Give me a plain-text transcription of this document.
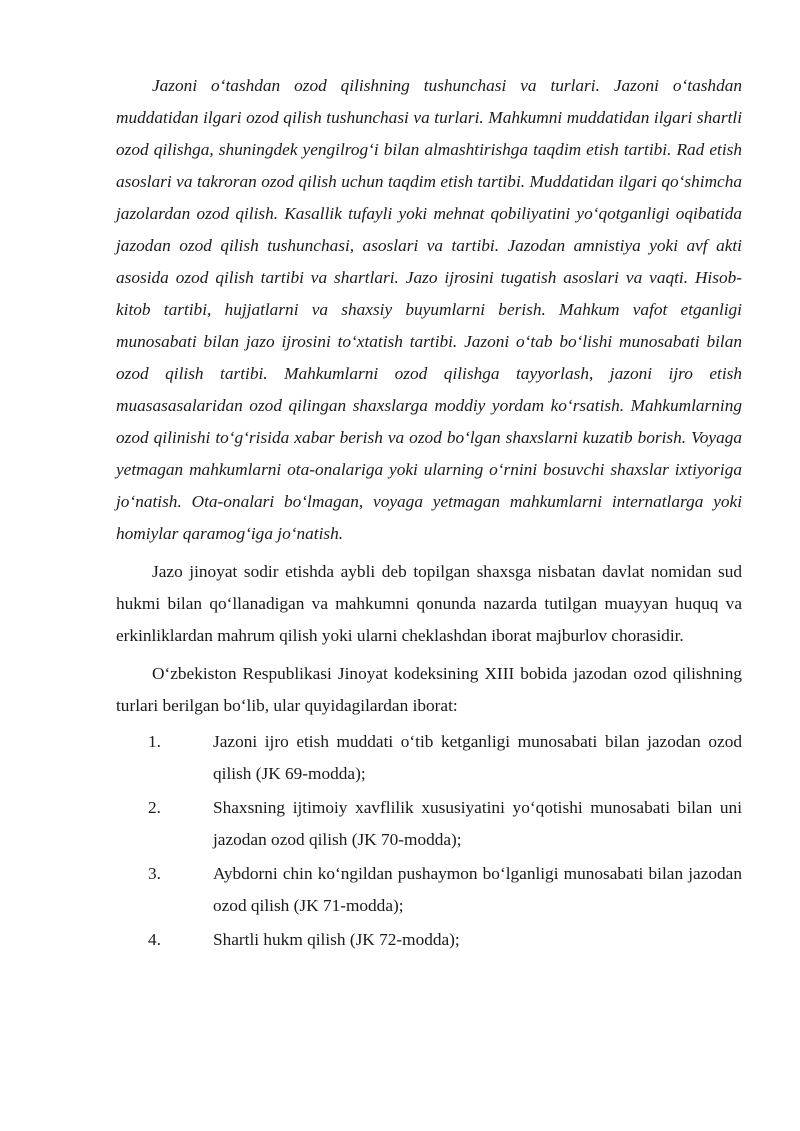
Jazoni o‘tashdan ozod qilishning tushunchasi va turlari. Jazoni o‘tashdan muddatidan ilgari ozod qilish tushunchasi va turlari. Mahkumni muddatidan ilgari shartli ozod qilishga, shuningdek yengilrog‘i bilan almashtirishga taqdim etish tartibi. Rad etish asoslari va takroran ozod qilish uchun taqdim etish tartibi. Muddatidan ilgari qo‘shimcha jazolardan ozod qilish. Kasallik tufayli yoki mehnat qobiliyatini yo‘qotganligi oqibatida jazodan ozod qilish tushunchasi, asoslari va tartibi. Jazodan amnistiya yoki avf akti asosida ozod qilish tartibi va shartlari. Jazo ijrosini tugatish asoslari va vaqti. Hisob-kitob tartibi, hujjatlarni va shaxsiy buyumlarni berish. Mahkum vafot etganligi munosabati bilan jazo ijrosini to‘xtatish tartibi. Jazoni o‘tab bo‘lishi munosabati bilan ozod qilish tartibi. Mahkumlarni ozod qilishga tayyorlash, jazoni ijro etish muasasasalaridan ozod qilingan shaxslarga moddiy yordam ko‘rsatish. Mahkumlarning ozod qilinishi to‘g‘risida xabar berish va ozod bo‘lgan shaxslarni kuzatib borish. Voyaga yetmagan mahkumlarni ota-onalariga yoki ularning o‘rnini bosuvchi shaxslar ixtiyoriga jo‘natish. Ota-onalari bo‘lmagan, voyaga yetmagan mahkumlarni internatlarga yoki homiylar qaramog‘iga jo‘natish.

Jazo jinoyat sodir etishda aybli deb topilgan shaxsga nisbatan davlat nomidan sud hukmi bilan qo‘llanadigan va mahkumni qonunda nazarda tutilgan muayyan huquq va erkinliklardan mahrum qilish yoki ularni cheklashdan iborat majburlov chorasidir.

O‘zbekiston Respublikasi Jinoyat kodeksining XIII bobida jazodan ozod qilishning turlari berilgan bo‘lib, ular quyidagilardan iborat:

1.	Jazoni ijro etish muddati o‘tib ketganligi munosabati bilan jazodan ozod qilish (JK 69-modda);
2.	Shaxsning ijtimoiy xavflilik xususiyatini yo‘qotishi munosabati bilan uni jazodan ozod qilish (JK 70-modda);
3.	Aybdorni chin ko‘ngildan pushaymon bo‘lganligi munosabati bilan jazodan ozod qilish (JK 71-modda);
4.	Shartli hukm qilish (JK 72-modda);
